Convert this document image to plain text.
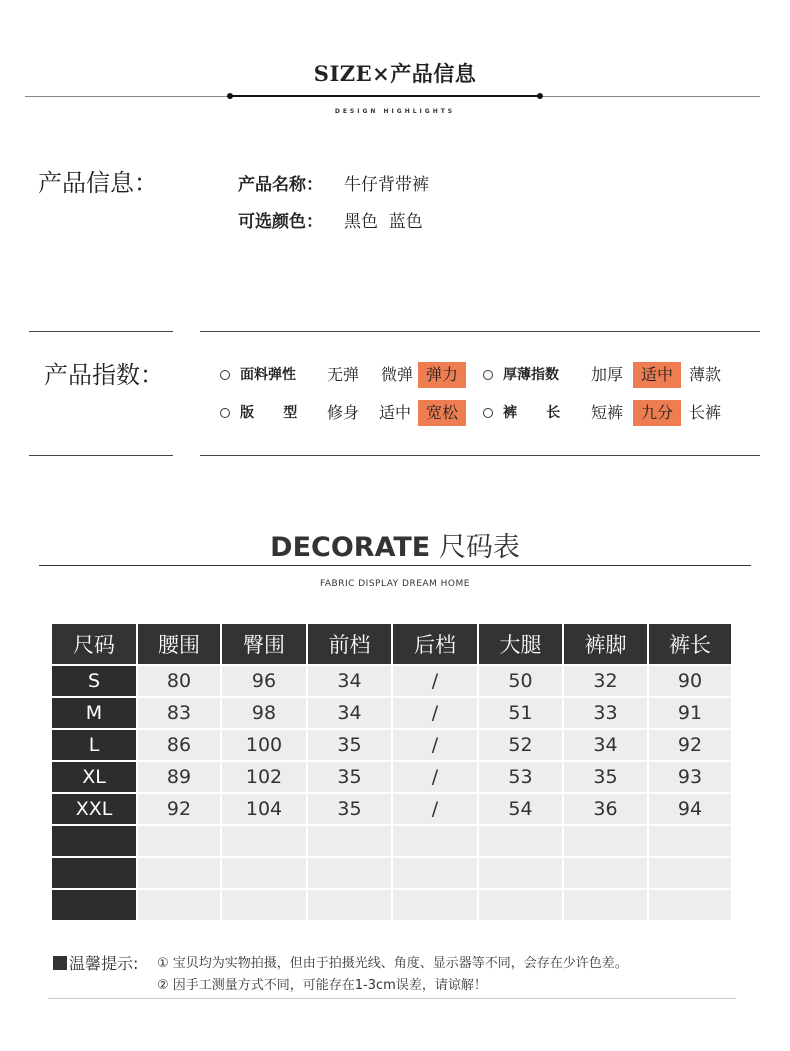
SIZE×产品信息
DESIGN HIGHLIGHTS
产品信息：	产品名称： 牛仔背带裤
可选颜色： 黑色  蓝色
产品指数：	面料弹性	无弹	微弹 弹力	厚薄指数	加厚	适中 薄款
版      型	修身	适中 宽松	裤      长	短裤	九分 长裤
DECORATE 尺码表
FABRIC DISPLAY DREAM HOME
尺码	腰围	臀围	前档	后档	大腿	裤脚	裤长
S	80	96	34	/	50	32	90
M	83	98	34	/	51	33	91
L	86	100	35	/	52	34	92
XL	89	102	35	/	53	35	93
XXL	92	104	35	/	54	36	94

温馨提示: ① 宝贝均为实物拍摄，但由于拍摄光线、角度、显示器等不同，会存在少许色差。
② 因手工测量方式不同，可能存在1-3cm误差，请谅解！
